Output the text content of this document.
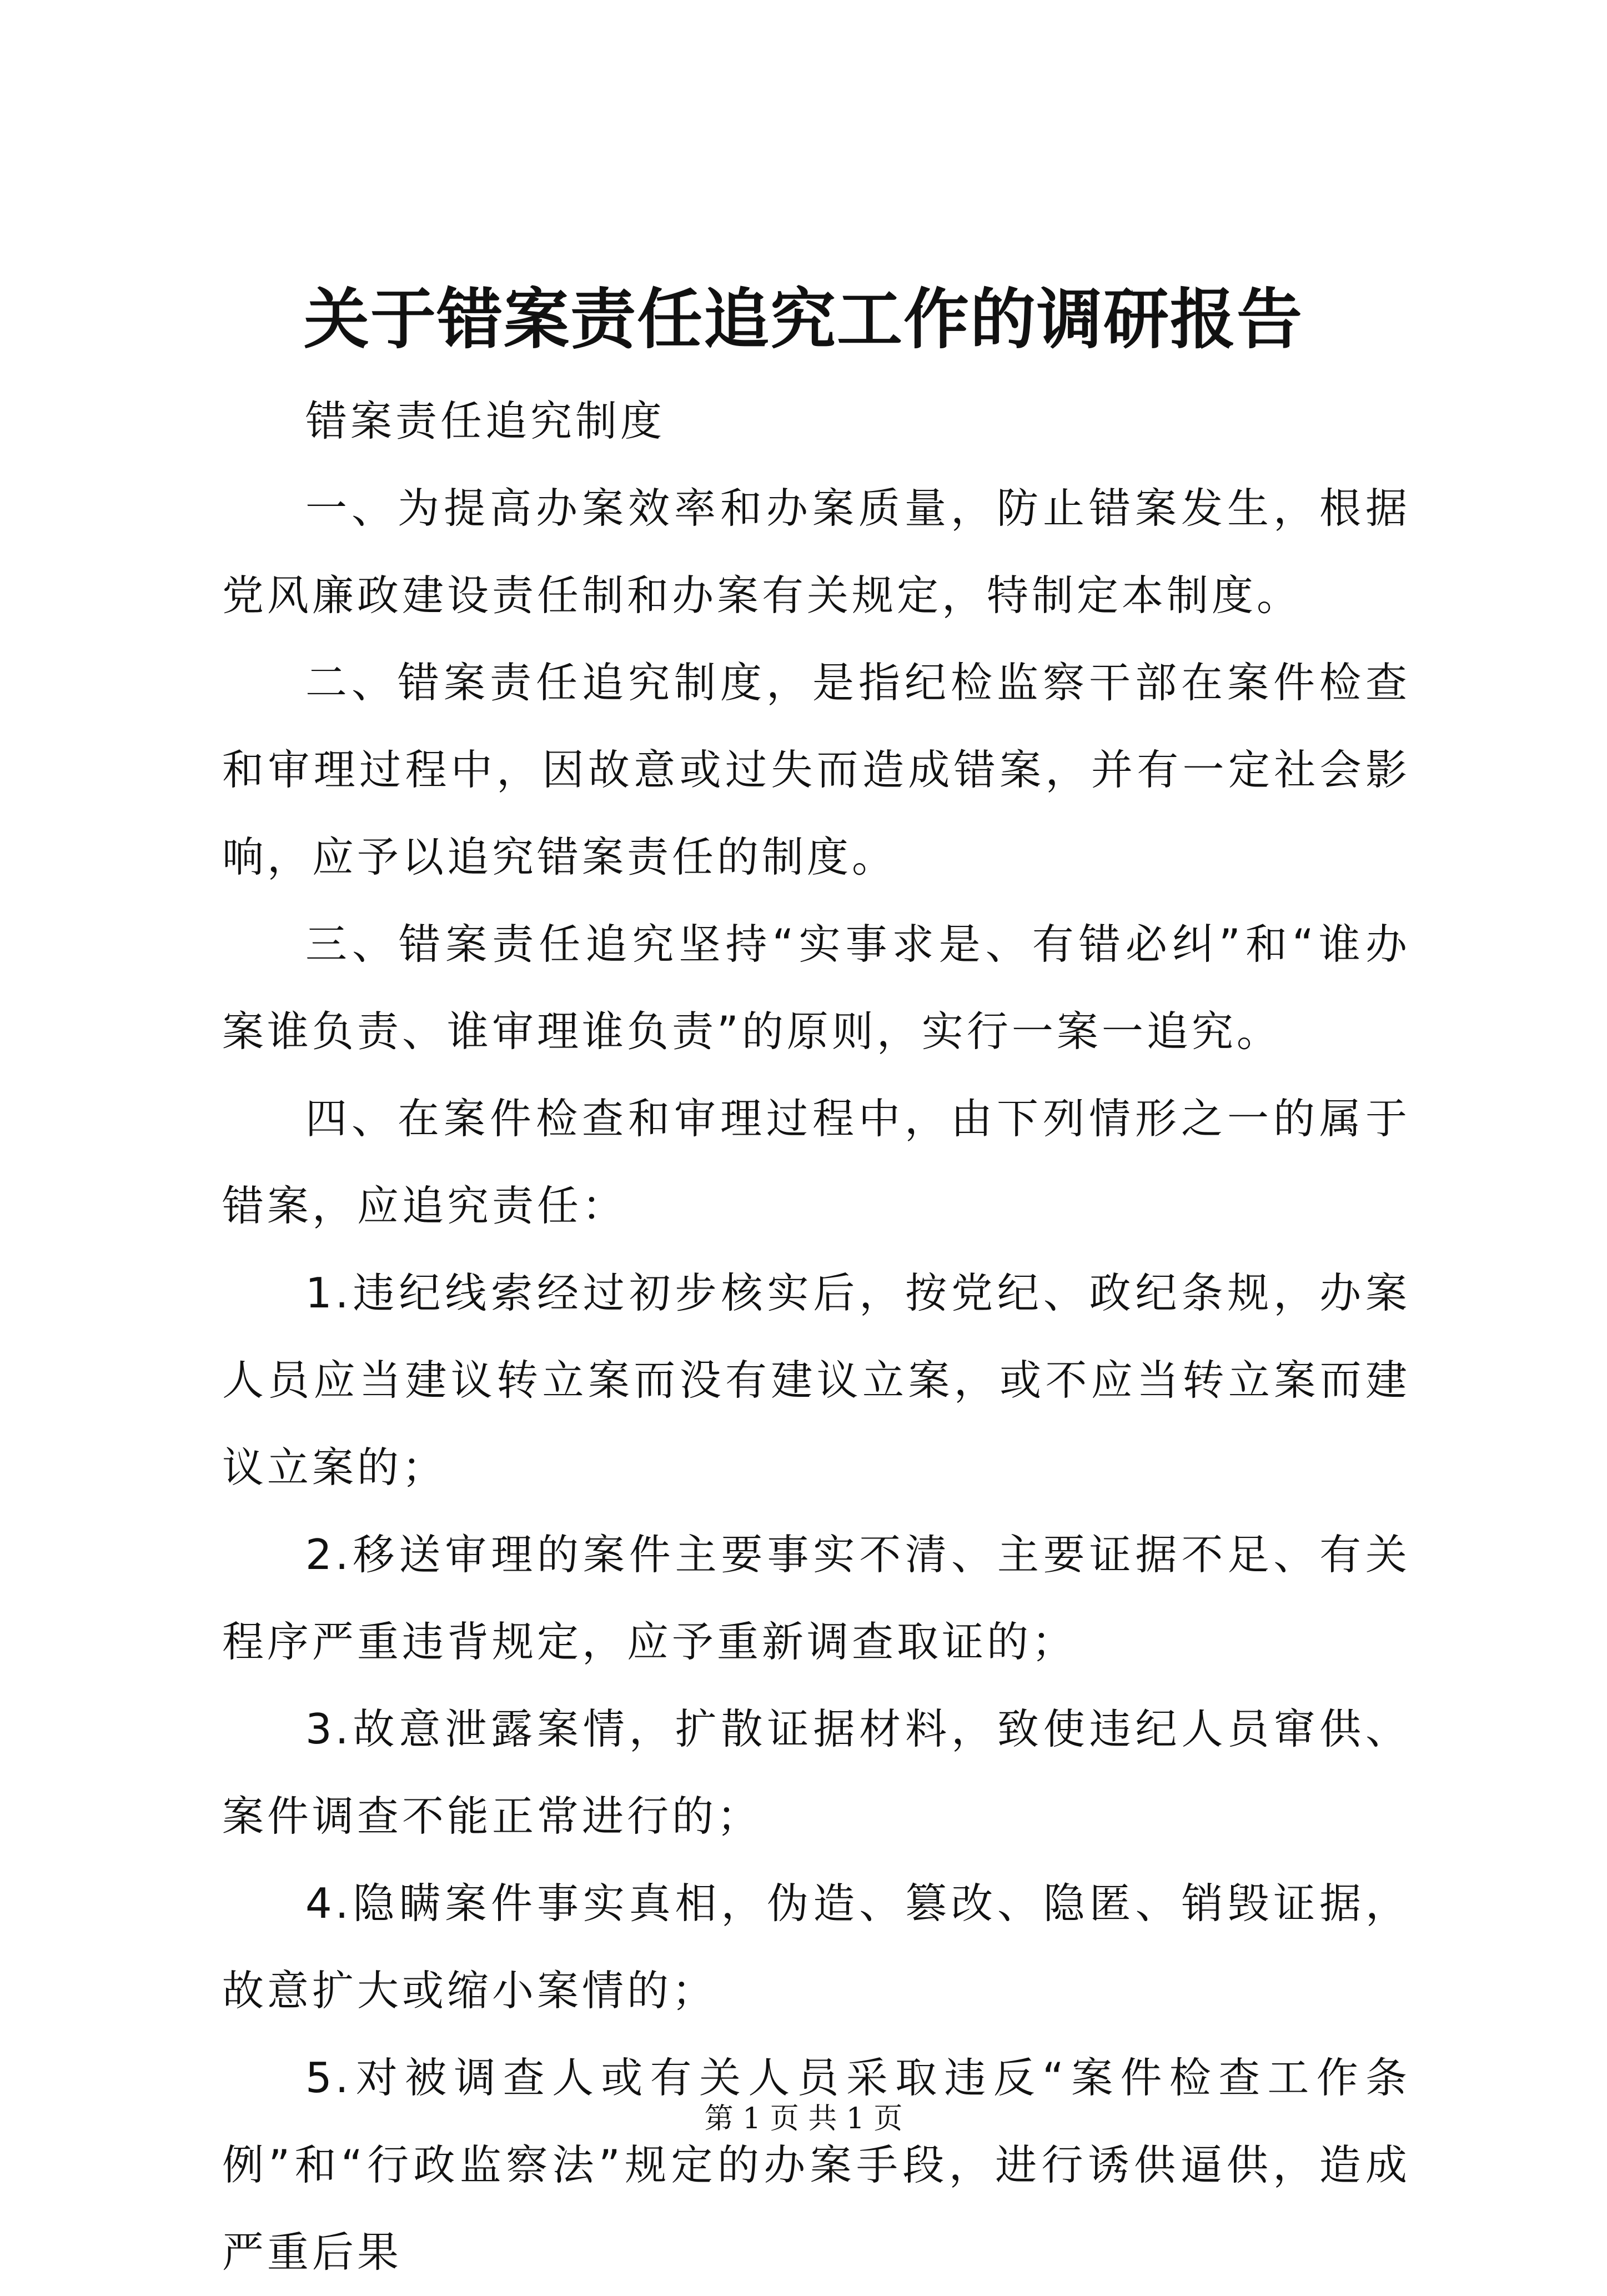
关于错案责任追究工作的调研报告

错案责任追究制度

一、为提高办案效率和办案质量，防止错案发生，根据党风廉政建设责任制和办案有关规定，特制定本制度。

二、错案责任追究制度，是指纪检监察干部在案件检查和审理过程中，因故意或过失而造成错案，并有一定社会影响，应予以追究错案责任的制度。

三、错案责任追究坚持“实事求是、有错必纠”和“谁办案谁负责、谁审理谁负责”的原则，实行一案一追究。

四、在案件检查和审理过程中，由下列情形之一的属于错案，应追究责任：

1.违纪线索经过初步核实后，按党纪、政纪条规，办案人员应当建议转立案而没有建议立案，或不应当转立案而建议立案的；

2.移送审理的案件主要事实不清、主要证据不足、有关程序严重违背规定，应予重新调查取证的；

3.故意泄露案情，扩散证据材料，致使违纪人员窜供、案件调查不能正常进行的；

4.隐瞒案件事实真相，伪造、篡改、隐匿、销毁证据，故意扩大或缩小案情的；

5.对被调查人或有关人员采取违反“案件检查工作条例”和“行政监察法”规定的办案手段，进行诱供逼供，造成严重后果

第 1 页 共 1 页
